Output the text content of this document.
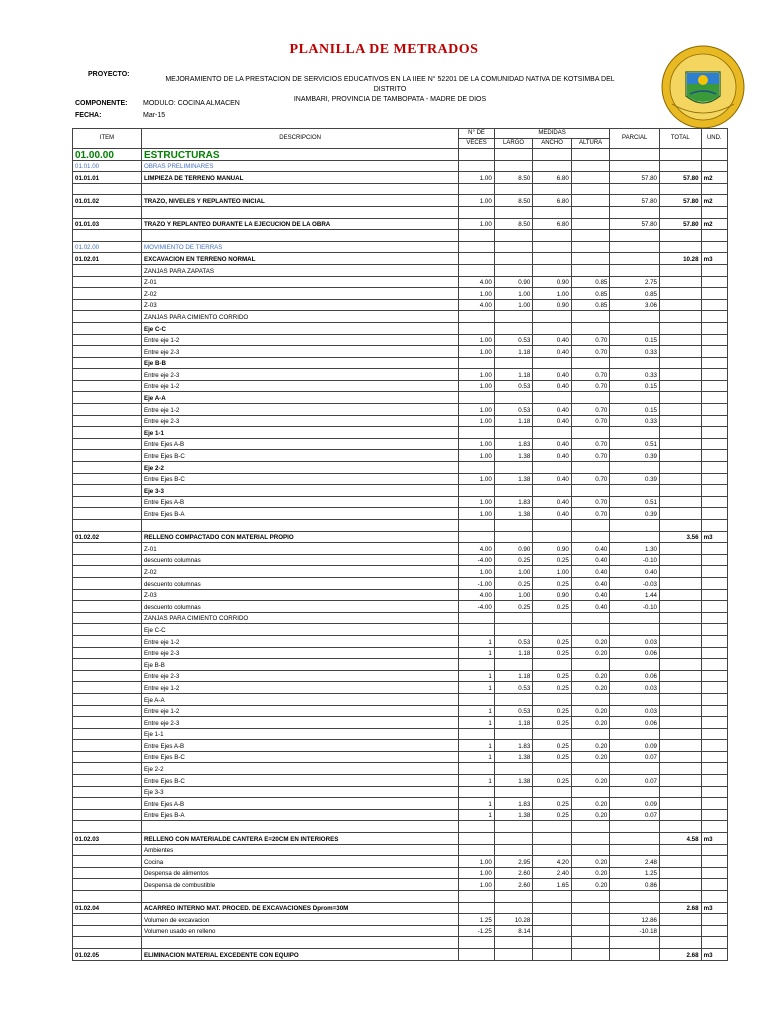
PLANILLA DE METRADOS
PROYECTO:
MEJORAMIENTO DE LA PRESTACION DE SERVICIOS EDUCATIVOS EN LA IIEE N° 52201 DE LA COMUNIDAD NATIVA DE KOTSIMBA DEL DISTRITO
INAMBARI, PROVINCIA DE TAMBOPATA - MADRE DE DIOS
COMPONENTE: MODULO: COCINA ALMACEN
FECHA:	Mar-15
ITEM	DESCRIPCION	N° DE	MEDIDAS			PARCIAL	TOTAL	UND.
		VECES	LARGO	ANCHO	ALTURA			
01.00.00	ESTRUCTURAS							
01.01.00	OBRAS PRELIMINARES							
01.01.01	LIMPIEZA DE TERRENO MANUAL	1.00	8.50	6.80		57.80	57.80	m2

01.01.02	TRAZO, NIVELES Y REPLANTEO INICIAL	1.00	8.50	6.80		57.80	57.80	m2

01.01.03	TRAZO Y REPLANTEO DURANTE LA EJECUCION DE LA OBRA	1.00	8.50	6.80		57.80	57.80	m2

01.02.00	MOVIMIENTO DE TIERRAS							
01.02.01	EXCAVACION EN TERRENO NORMAL						10.28	m3
	ZANJAS PARA ZAPATAS							
	Z-01	4.00	0.90	0.90	0.85	2.75		
	Z-02	1.00	1.00	1.00	0.85	0.85		
	Z-03	4.00	1.00	0.90	0.85	3.06		
	ZANJAS PARA CIMIENTO CORRIDO							
	Eje C-C							
	Entre eje 1-2	1.00	0.53	0.40	0.70	0.15		
	Entre eje 2-3	1.00	1.18	0.40	0.70	0.33		
	Eje B-B							
	Entre eje 2-3	1.00	1.18	0.40	0.70	0.33		
	Entre eje 1-2	1.00	0.53	0.40	0.70	0.15		
	Eje A-A							
	Entre eje 1-2	1.00	0.53	0.40	0.70	0.15		
	Entre eje 2-3	1.00	1.18	0.40	0.70	0.33		
	Eje 1-1							
	Entre Ejes A-B	1.00	1.83	0.40	0.70	0.51		
	Entre Ejes B-C	1.00	1.38	0.40	0.70	0.39		
	Eje 2-2							
	Entre Ejes B-C	1.00	1.38	0.40	0.70	0.39		
	Eje 3-3							
	Entre Ejes A-B	1.00	1.83	0.40	0.70	0.51		
	Entre Ejes B-A	1.00	1.38	0.40	0.70	0.39		

01.02.02	RELLENO COMPACTADO CON MATERIAL PROPIO						3.56	m3
	Z-01	4.00	0.90	0.90	0.40	1.30		
	descuento columnas	-4.00	0.25	0.25	0.40	-0.10		
	Z-02	1.00	1.00	1.00	0.40	0.40		
	descuento columnas	-1.00	0.25	0.25	0.40	-0.03		
	Z-03	4.00	1.00	0.90	0.40	1.44		
	descuento columnas	-4.00	0.25	0.25	0.40	-0.10		
	ZANJAS PARA CIMIENTO CORRIDO							
	Eje C-C							
	Entre eje 1-2	1	0.53	0.25	0.20	0.03		
	Entre eje 2-3	1	1.18	0.25	0.20	0.06		
	Eje B-B							
	Entre eje 2-3	1	1.18	0.25	0.20	0.06		
	Entre eje 1-2	1	0.53	0.25	0.20	0.03		
	Eje A-A							
	Entre eje 1-2	1	0.53	0.25	0.20	0.03		
	Entre eje 2-3	1	1.18	0.25	0.20	0.06		
	Eje 1-1							
	Entre Ejes A-B	1	1.83	0.25	0.20	0.09		
	Entre Ejes B-C	1	1.38	0.25	0.20	0.07		
	Eje 2-2							
	Entre Ejes B-C	1	1.38	0.25	0.20	0.07		
	Eje 3-3							
	Entre Ejes A-B	1	1.83	0.25	0.20	0.09		
	Entre Ejes B-A	1	1.38	0.25	0.20	0.07		

01.02.03	RELLENO CON MATERIALDE CANTERA E=20CM EN INTERIORES						4.58	m3
	Ambientes							
	Cocina	1.00	2.95	4.20	0.20	2.48		
	Despensa de alimentos	1.00	2.60	2.40	0.20	1.25		
	Despensa de combustible	1.00	2.60	1.65	0.20	0.86		

01.02.04	ACARREO INTERNO MAT. PROCED. DE EXCAVACIONES Dprom=30M						2.68	m3
	Volumen de excavacion	1.25	10.28			12.86		
	Volumen usado en relleno	-1.25	8.14			-10.18		

01.02.05	ELIMINACION MATERIAL EXCEDENTE CON EQUIPO						2.68	m3
